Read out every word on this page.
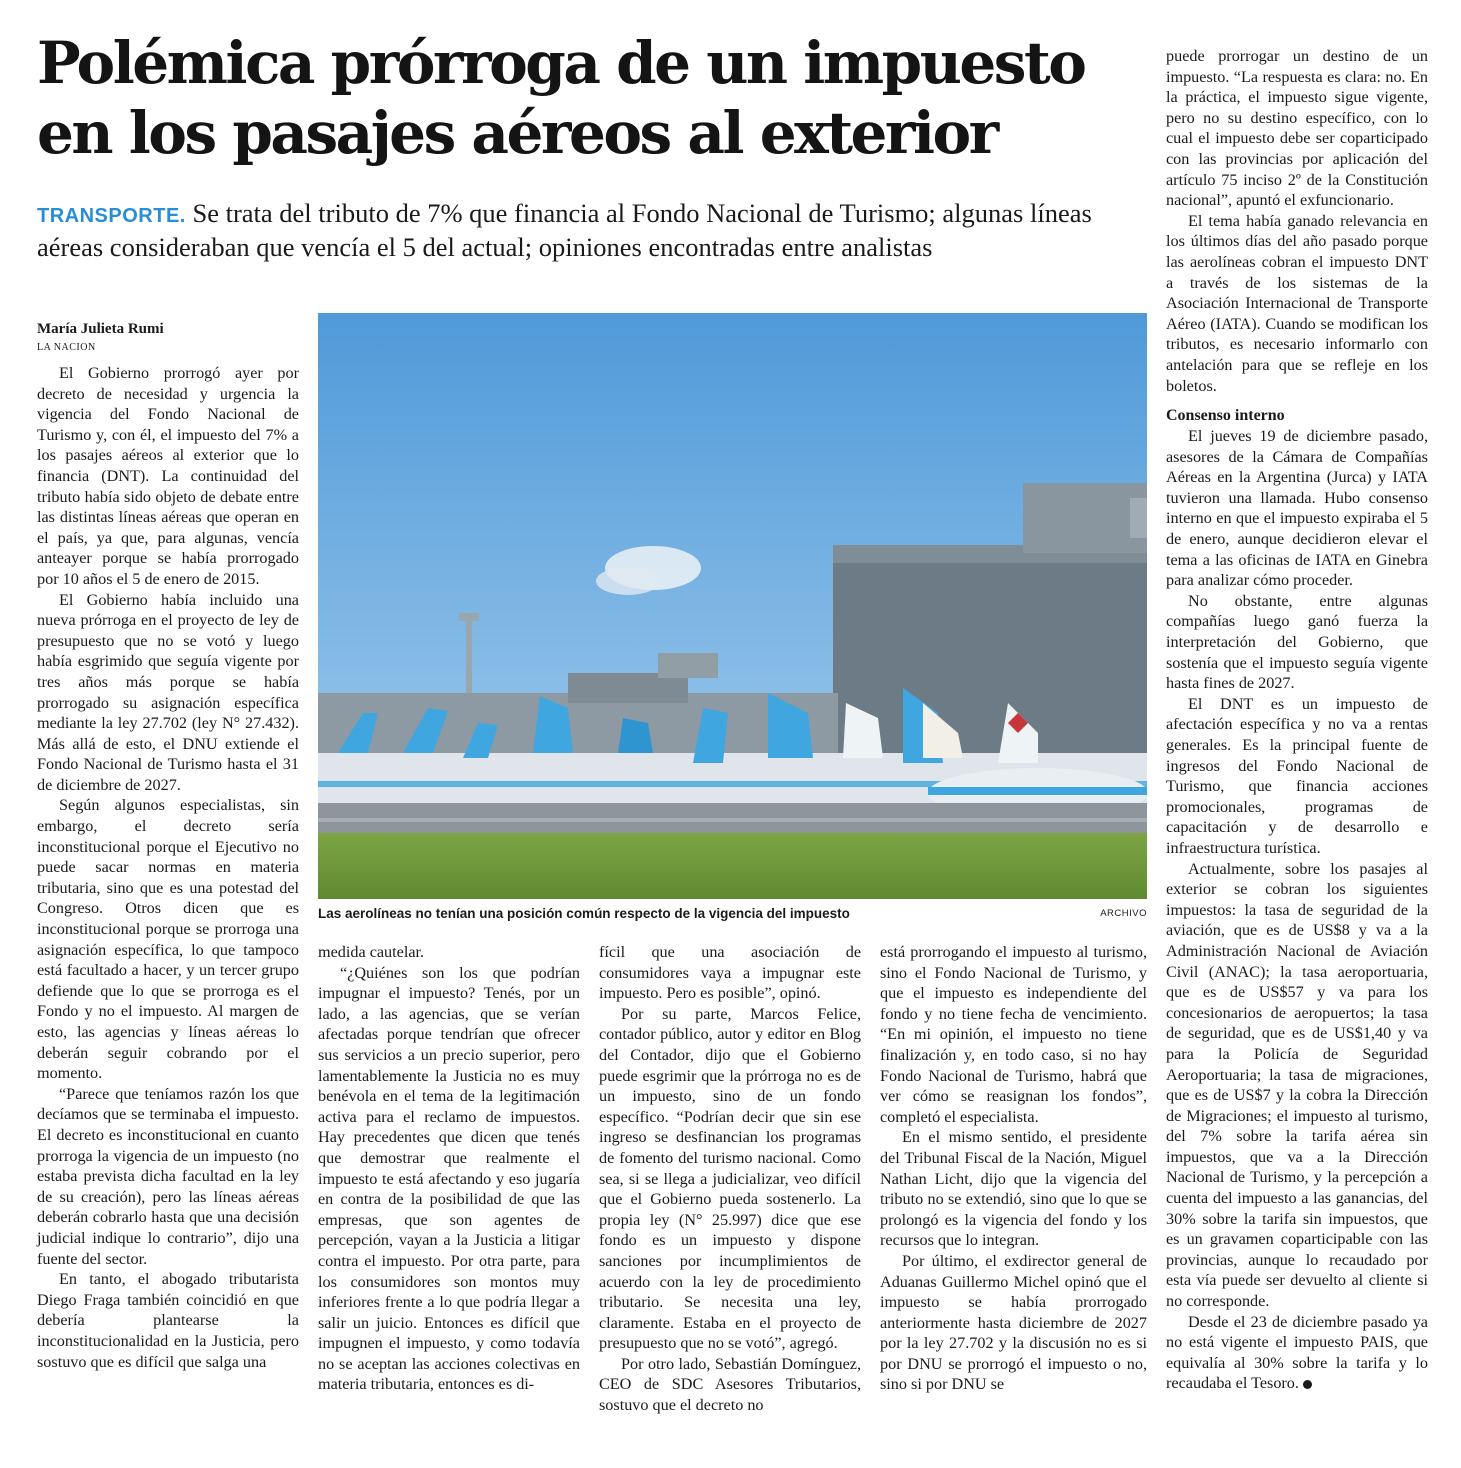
Polémica prórroga de un impuesto en los pasajes aéreos al exterior

TRANSPORTE. Se trata del tributo de 7% que financia al Fondo Nacional de Turismo; algunas líneas aéreas consideraban que vencía el 5 del actual; opiniones encontradas entre analistas

María Julieta Rumi
LA NACION

El Gobierno prorrogó ayer por decreto de necesidad y urgencia la vigencia del Fondo Nacional de Turismo y, con él, el impuesto del 7% a los pasajes aéreos al exterior que lo financia (DNT). La continuidad del tributo había sido objeto de debate entre las distintas líneas aéreas que operan en el país, ya que, para algunas, vencía anteayer porque se había prorrogado por 10 años el 5 de enero de 2015.

El Gobierno había incluido una nueva prórroga en el proyecto de ley de presupuesto que no se votó y luego había esgrimido que seguía vigente por tres años más porque se había prorrogado su asignación específica mediante la ley 27.702 (ley N° 27.432). Más allá de esto, el DNU extiende el Fondo Nacional de Turismo hasta el 31 de diciembre de 2027.

Según algunos especialistas, sin embargo, el decreto sería inconstitucional porque el Ejecutivo no puede sacar normas en materia tributaria, sino que es una potestad del Congreso. Otros dicen que es inconstitucional porque se prorroga una asignación específica, lo que tampoco está facultado a hacer, y un tercer grupo defiende que lo que se prorroga es el Fondo y no el impuesto. Al margen de esto, las agencias y líneas aéreas lo deberán seguir cobrando por el momento.

“Parece que teníamos razón los que decíamos que se terminaba el impuesto. El decreto es inconstitucional en cuanto prorroga la vigencia de un impuesto (no estaba prevista dicha facultad en la ley de su creación), pero las líneas aéreas deberán cobrarlo hasta que una decisión judicial indique lo contrario”, dijo una fuente del sector.

En tanto, el abogado tributarista Diego Fraga también coincidió en que debería plantearse la inconstitucionalidad en la Justicia, pero sostuvo que es difícil que salga una

Las aerolíneas no tenían una posición común respecto de la vigencia del impuesto	ARCHIVO

medida cautelar.

“¿Quiénes son los que podrían impugnar el impuesto? Tenés, por un lado, a las agencias, que se verían afectadas porque tendrían que ofrecer sus servicios a un precio superior, pero lamentablemente la Justicia no es muy benévola en el tema de la legitimación activa para el reclamo de impuestos. Hay precedentes que dicen que tenés que demostrar que realmente el impuesto te está afectando y eso jugaría en contra de la posibilidad de que las empresas, que son agentes de percepción, vayan a la Justicia a litigar contra el impuesto. Por otra parte, para los consumidores son montos muy inferiores frente a lo que podría llegar a salir un juicio. Entonces es difícil que impugnen el impuesto, y como todavía no se aceptan las acciones colectivas en materia tributaria, entonces es di-

fícil que una asociación de consumidores vaya a impugnar este impuesto. Pero es posible”, opinó.

Por su parte, Marcos Felice, contador público, autor y editor en Blog del Contador, dijo que el Gobierno puede esgrimir que la prórroga no es de un impuesto, sino de un fondo específico. “Podrían decir que sin ese ingreso se desfinancian los programas de fomento del turismo nacional. Como sea, si se llega a judicializar, veo difícil que el Gobierno pueda sostenerlo. La propia ley (N° 25.997) dice que ese fondo es un impuesto y dispone sanciones por incumplimientos de acuerdo con la ley de procedimiento tributario. Se necesita una ley, claramente. Estaba en el proyecto de presupuesto que no se votó”, agregó.

Por otro lado, Sebastián Domínguez, CEO de SDC Asesores Tributarios, sostuvo que el decreto no

está prorrogando el impuesto al turismo, sino el Fondo Nacional de Turismo, y que el impuesto es independiente del fondo y no tiene fecha de vencimiento. “En mi opinión, el impuesto no tiene finalización y, en todo caso, si no hay Fondo Nacional de Turismo, habrá que ver cómo se reasignan los fondos”, completó el especialista.

En el mismo sentido, el presidente del Tribunal Fiscal de la Nación, Miguel Nathan Licht, dijo que la vigencia del tributo no se extendió, sino que lo que se prolongó es la vigencia del fondo y los recursos que lo integran.

Por último, el exdirector general de Aduanas Guillermo Michel opinó que el impuesto se había prorrogado anteriormente hasta diciembre de 2027 por la ley 27.702 y la discusión no es si por DNU se prorrogó el impuesto o no, sino si por DNU se

puede prorrogar un destino de un impuesto. “La respuesta es clara: no. En la práctica, el impuesto sigue vigente, pero no su destino específico, con lo cual el impuesto debe ser coparticipado con las provincias por aplicación del artículo 75 inciso 2º de la Constitución nacional”, apuntó el exfuncionario.

El tema había ganado relevancia en los últimos días del año pasado porque las aerolíneas cobran el impuesto DNT a través de los sistemas de la Asociación Internacional de Transporte Aéreo (IATA). Cuando se modifican los tributos, es necesario informarlo con antelación para que se refleje en los boletos.

Consenso interno

El jueves 19 de diciembre pasado, asesores de la Cámara de Compañías Aéreas en la Argentina (Jurca) y IATA tuvieron una llamada. Hubo consenso interno en que el impuesto expiraba el 5 de enero, aunque decidieron elevar el tema a las oficinas de IATA en Ginebra para analizar cómo proceder.

No obstante, entre algunas compañías luego ganó fuerza la interpretación del Gobierno, que sostenía que el impuesto seguía vigente hasta fines de 2027.

El DNT es un impuesto de afectación específica y no va a rentas generales. Es la principal fuente de ingresos del Fondo Nacional de Turismo, que financia acciones promocionales, programas de capacitación y de desarrollo e infraestructura turística.

Actualmente, sobre los pasajes al exterior se cobran los siguientes impuestos: la tasa de seguridad de la aviación, que es de US$8 y va a la Administración Nacional de Aviación Civil (ANAC); la tasa aeroportuaria, que es de US$57 y va para los concesionarios de aeropuertos; la tasa de seguridad, que es de US$1,40 y va para la Policía de Seguridad Aeroportuaria; la tasa de migraciones, que es de US$7 y la cobra la Dirección de Migraciones; el impuesto al turismo, del 7% sobre la tarifa aérea sin impuestos, que va a la Dirección Nacional de Turismo, y la percepción a cuenta del impuesto a las ganancias, del 30% sobre la tarifa sin impuestos, que es un gravamen coparticipable con las provincias, aunque lo recaudado por esta vía puede ser devuelto al cliente si no corresponde.

Desde el 23 de diciembre pasado ya no está vigente el impuesto PAIS, que equivalía al 30% sobre la tarifa y lo recaudaba el Tesoro.
